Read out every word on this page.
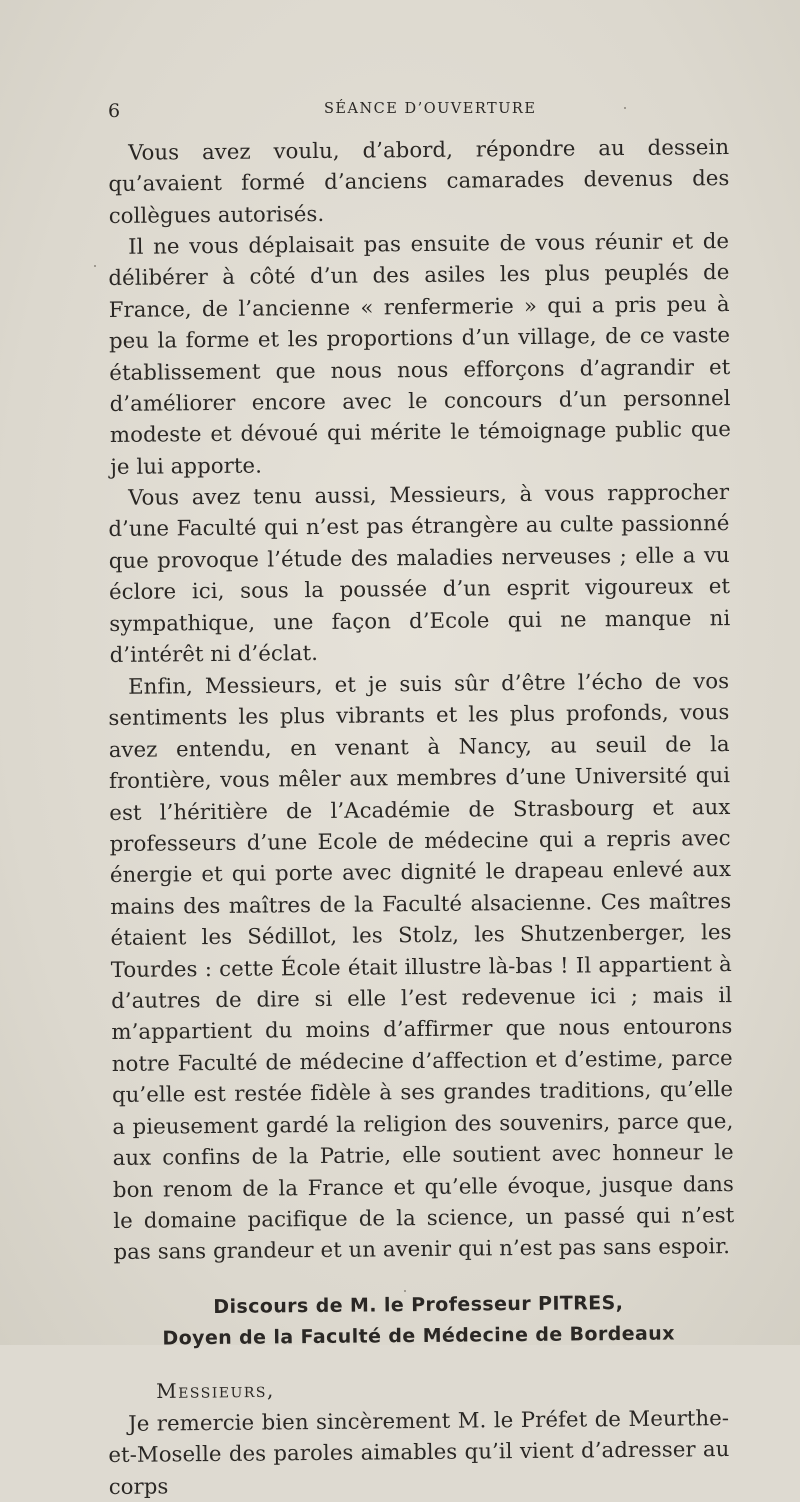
6	SÉANCE D’OUVERTURE

Vous avez voulu, d’abord, répondre au dessein qu’avaient formé d’anciens camarades devenus des collègues autorisés.

Il ne vous déplaisait pas ensuite de vous réunir et de délibérer à côté d’un des asiles les plus peuplés de France, de l’ancienne « renfermerie » qui a pris peu à peu la forme et les proportions d’un village, de ce vaste établissement que nous nous efforçons d’agrandir et d’améliorer encore avec le concours d’un personnel modeste et dévoué qui mérite le témoignage public que je lui apporte.

Vous avez tenu aussi, Messieurs, à vous rapprocher d’une Faculté qui n’est pas étrangère au culte passionné que provoque l’étude des maladies nerveuses ; elle a vu éclore ici, sous la poussée d’un esprit vigoureux et sympathique, une façon d’Ecole qui ne manque ni d’intérêt ni d’éclat.

Enfin, Messieurs, et je suis sûr d’être l’écho de vos sentiments les plus vibrants et les plus profonds, vous avez entendu, en venant à Nancy, au seuil de la frontière, vous mêler aux membres d’une Université qui est l’héritière de l’Académie de Strasbourg et aux professeurs d’une Ecole de médecine qui a repris avec énergie et qui porte avec dignité le drapeau enlevé aux mains des maîtres de la Faculté alsacienne. Ces maîtres étaient les Sédillot, les Stolz, les Shutzenberger, les Tourdes : cette École était illustre là-bas ! Il appartient à d’autres de dire si elle l’est redevenue ici ; mais il m’appartient du moins d’affirmer que nous entourons notre Faculté de médecine d’affection et d’estime, parce qu’elle est restée fidèle à ses grandes traditions, qu’elle a pieusement gardé la religion des souvenirs, parce que, aux confins de la Patrie, elle soutient avec honneur le bon renom de la France et qu’elle évoque, jusque dans le domaine pacifique de la science, un passé qui n’est pas sans grandeur et un avenir qui n’est pas sans espoir.

Discours de M. le Professeur PITRES,
Doyen de la Faculté de Médecine de Bordeaux
Messieurs,

Je remercie bien sincèrement M. le Préfet de Meurthe-et-Moselle des paroles aimables qu’il vient d’adresser au corps
